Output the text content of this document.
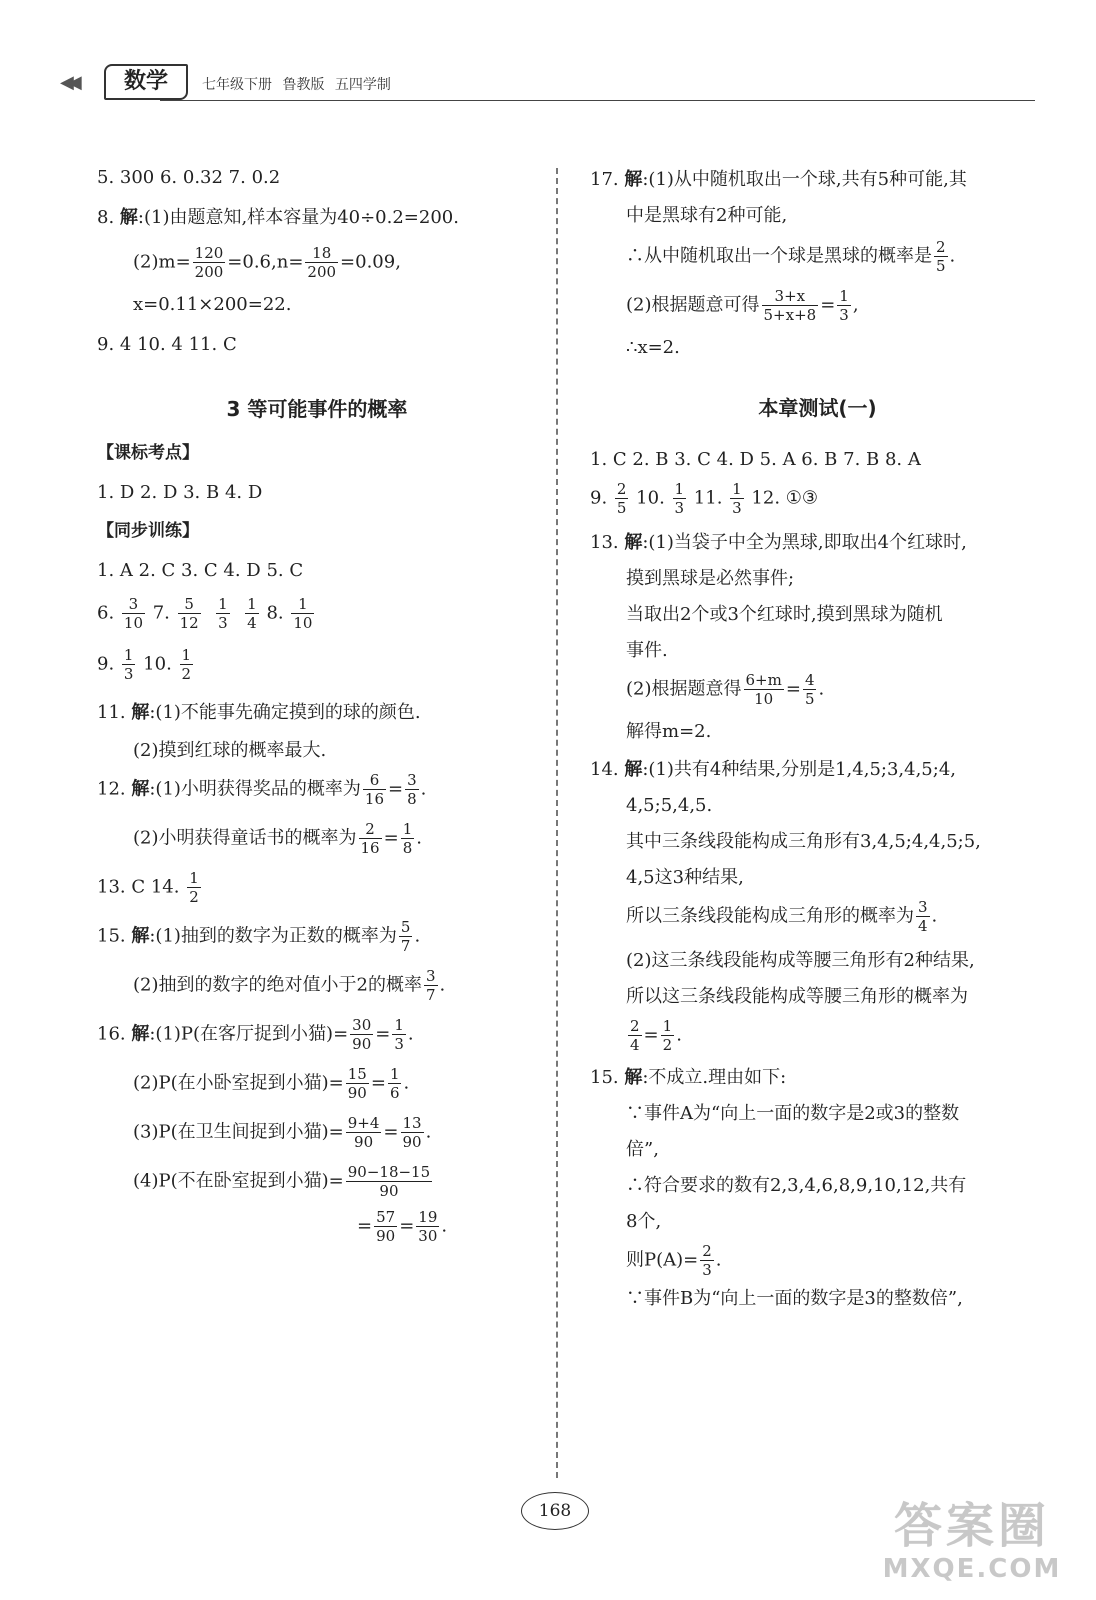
◀◀	数学	七年级下册 鲁教版 五四学制

5. 300 6. 0.32 7. 0.2

8. 解:(1)由题意知,样本容量为40÷0.2=200.

$(2)m= \frac{120}{200} =0.6,n= \frac{18}{200} =0.09$,

x=0.11×200=22.

9. 4 10. 4 11. C

3 等可能事件的概率

【课标考点】

1. D 2. D 3. B 4. D

【同步训练】

1. A 2. C 3. C 4. D 5. C

6. $\frac{3}{10} 7$. $\frac{5}{12}$
$\frac{1}{3}$
$\frac{1}{4} 8$. $\frac{1}{10}$

9. $\frac{1}{3} 10$. $\frac{1}{2}$

11. 解:(1)不能事先确定摸到的球的颜色.

(2)摸到红球的概率最大.

12. 解:(1)小明获得奖品的概率为 $\frac{6}{16} = \frac{3}{8}$ .

(2)小明获得童话书的概率为 $\frac{2}{16} = \frac{1}{8}$ .

13. C 14. $\frac{1}{2}$

15. 解:(1)抽到的数字为正数的概率为 $\frac{5}{7}$ .

(2)抽到的数字的绝对值小于2的概率 $\frac{3}{7}$ .

16. 解:(1)P(在客厅捉到小猫)= $\frac{30}{90} = \frac{1}{3}$ .

(2)P(在小卧室捉到小猫)= $\frac{15}{90} = \frac{1}{6}$ .

(3)P(在卫生间捉到小猫)= $\frac{9+4}{90} = \frac{13}{90}$ .

(4)P(不在卧室捉到小猫)= $\frac{90-18-15}{90}$

= $\frac{57}{90} = \frac{19}{30}$ .

17. 解:(1)从中随机取出一个球,共有5种可能,其

中是黑球有2种可能,

∴从中随机取出一个球是黑球的概率是 $\frac{2}{5}$ .

(2)根据题意可得 $\frac{3+x}{5+x+8} = \frac{1}{3}$ ,

∴x=2.

本章测试(一)

1. C 2. B 3. C 4. D 5. A 6. B 7. B 8. A

9. $\frac{2}{5} 10$. $\frac{1}{3} 11$. $\frac{1}{3} 12$. ①③

13. 解:(1)当袋子中全为黑球,即取出4个红球时,

摸到黑球是必然事件;

当取出2个或3个红球时,摸到黑球为随机

事件.

(2)根据题意得 $\frac{6+m}{10} = \frac{4}{5}$ .

解得m=2.

14. 解:(1)共有4种结果,分别是1,4,5;3,4,5;4,

4,5;5,4,5.

其中三条线段能构成三角形有3,4,5;4,4,5;5,

4,5这3种结果,

所以三条线段能构成三角形的概率为 $\frac{3}{4}$ .

(2)这三条线段能构成等腰三角形有2种结果,

所以这三条线段能构成等腰三角形的概率为

$\frac{2}{4} = \frac{1}{2}$ .

15. 解:不成立.理由如下:

∵事件A为“向上一面的数字是2或3的整数

倍”,

∴符合要求的数有2,3,4,6,8,9,10,12,共有

8个,

则$P(A)= \frac{2}{3}$ .

∵事件B为“向上一面的数字是3的整数倍”,

168	答案圈
MXQE.COM
